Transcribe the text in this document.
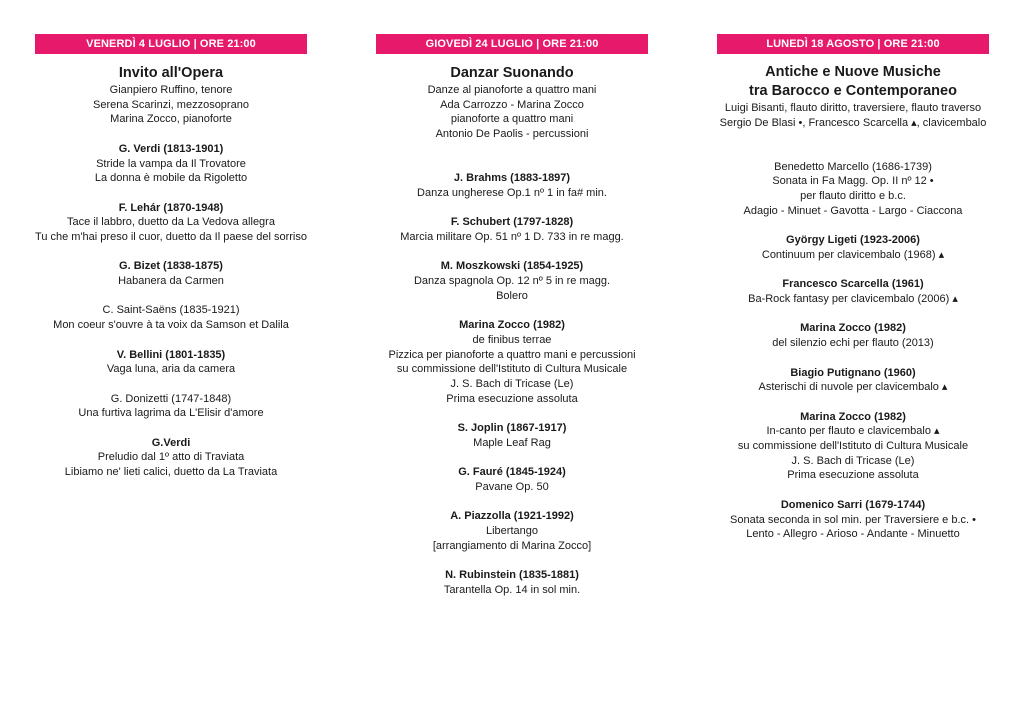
VENERDÌ 4 LUGLIO | ORE 21:00
Invito all'Opera
Gianpiero Ruffino, tenore
Serena Scarinzi, mezzosoprano
Marina Zocco, pianoforte
G. Verdi (1813-1901)
Stride la vampa da Il Trovatore
La donna è mobile da Rigoletto
F. Lehár (1870-1948)
Tace il labbro, duetto da La Vedova allegra
Tu che m'hai preso il cuor, duetto da Il paese del sorriso
G. Bizet (1838-1875)
Habanera da Carmen
C. Saint-Saëns (1835-1921)
Mon coeur s'ouvre à ta voix da Samson et Dalila
V. Bellini (1801-1835)
Vaga luna, aria da camera
G. Donizetti (1747-1848)
Una furtiva lagrima da L'Elisir d'amore
G.Verdi
Preludio dal 1º atto di Traviata
Libiamo ne' lieti calici, duetto da La Traviata
GIOVEDÌ 24 LUGLIO | ORE 21:00
Danzar Suonando
Danze al pianoforte a quattro mani
Ada Carrozzo - Marina Zocco
pianoforte a quattro mani
Antonio De Paolis - percussioni
J. Brahms (1883-1897)
Danza ungherese Op.1 nº 1 in fa# min.
F. Schubert (1797-1828)
Marcia militare Op. 51 nº 1 D. 733 in re magg.
M. Moszkowski (1854-1925)
Danza spagnola Op. 12 nº 5 in re magg.
Bolero
Marina Zocco (1982)
de finibus terrae
Pizzica per pianoforte a quattro mani e percussioni
su commissione dell'Istituto di Cultura Musicale
J. S. Bach di Tricase (Le)
Prima esecuzione assoluta
S. Joplin (1867-1917)
Maple Leaf Rag
G. Fauré (1845-1924)
Pavane Op. 50
A. Piazzolla (1921-1992)
Libertango
[arrangiamento di Marina Zocco]
N. Rubinstein (1835-1881)
Tarantella Op. 14 in sol min.
LUNEDÌ 18 AGOSTO | ORE 21:00
Antiche e Nuove Musiche
tra Barocco e Contemporaneo
Luigi Bisanti, flauto diritto, traversiere, flauto traverso
Sergio De Blasi •, Francesco Scarcella ▴, clavicembalo
Benedetto Marcello (1686-1739)
Sonata in Fa Magg. Op. II nº 12 •
per flauto diritto e b.c.
Adagio - Minuet - Gavotta - Largo - Ciaccona
György Ligeti (1923-2006)
Continuum per clavicembalo (1968) ▴
Francesco Scarcella (1961)
Ba-Rock fantasy per clavicembalo (2006) ▴
Marina Zocco (1982)
del silenzio echi per flauto (2013)
Biagio Putignano (1960)
Asterischi di nuvole per clavicembalo ▴
Marina Zocco (1982)
In-canto per flauto e clavicembalo ▴
su commissione dell'Istituto di Cultura Musicale
J. S. Bach di Tricase (Le)
Prima esecuzione assoluta
Domenico Sarri (1679-1744)
Sonata seconda in sol min. per Traversiere e b.c. •
Lento - Allegro - Arioso - Andante - Minuetto
